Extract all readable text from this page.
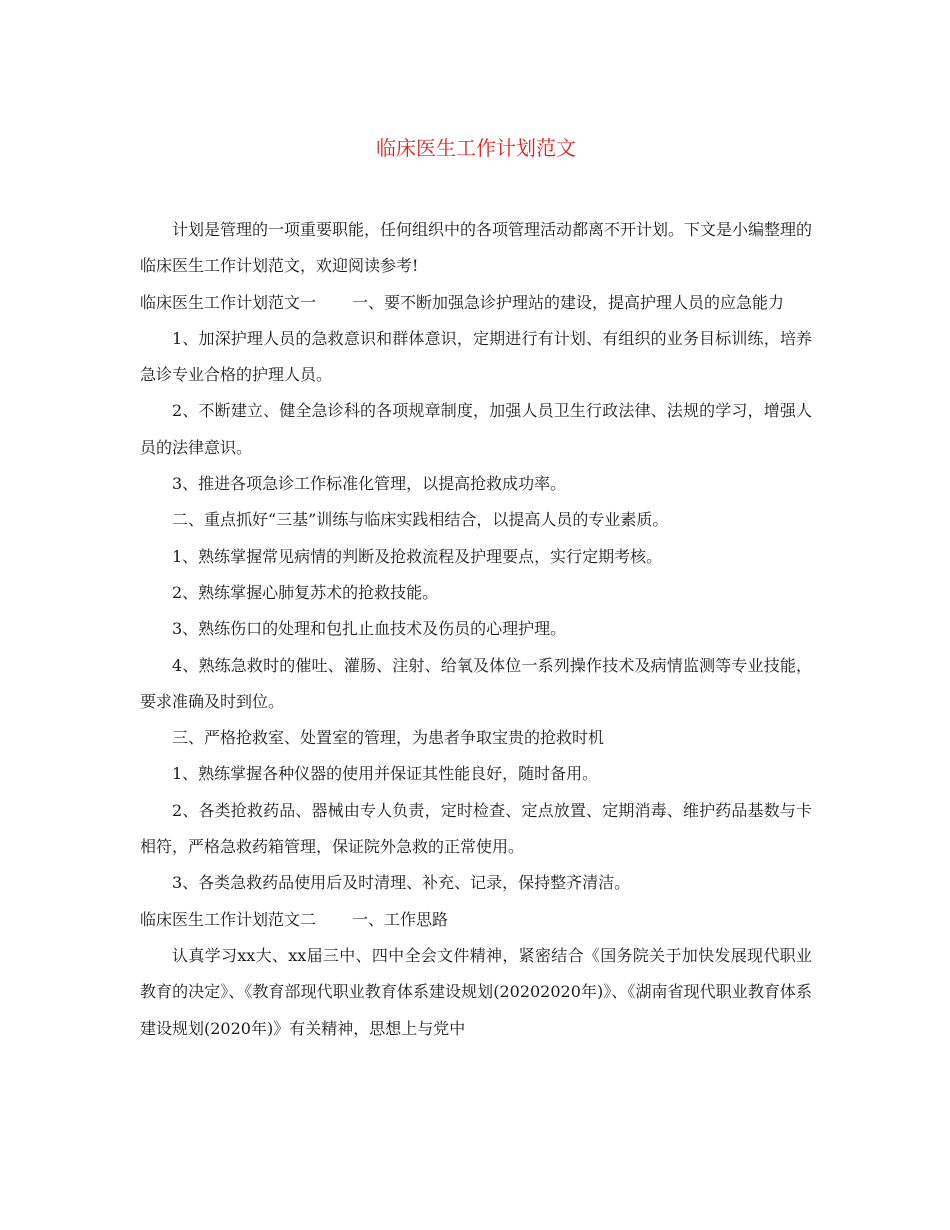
临床医生工作计划范文

计划是管理的一项重要职能，任何组织中的各项管理活动都离不开计划。下文是小编整理的临床医生工作计划范文，欢迎阅读参考!

临床医生工作计划范文一 一、要不断加强急诊护理站的建设，提高护理人员的应急能力

1、加深护理人员的急救意识和群体意识，定期进行有计划、有组织的业务目标训练，培养急诊专业合格的护理人员。

2、不断建立、健全急诊科的各项规章制度，加强人员卫生行政法律、法规的学习，增强人员的法律意识。

3、推进各项急诊工作标准化管理，以提高抢救成功率。

二、重点抓好“三基”训练与临床实践相结合，以提高人员的专业素质。

1、熟练掌握常见病情的判断及抢救流程及护理要点，实行定期考核。

2、熟练掌握心肺复苏术的抢救技能。

3、熟练伤口的处理和包扎止血技术及伤员的心理护理。

4、熟练急救时的催吐、灌肠、注射、给氧及体位一系列操作技术及病情监测等专业技能，要求准确及时到位。

三、严格抢救室、处置室的管理，为患者争取宝贵的抢救时机

1、熟练掌握各种仪器的使用并保证其性能良好，随时备用。

2、各类抢救药品、器械由专人负责，定时检查、定点放置、定期消毒、维护药品基数与卡相符，严格急救药箱管理，保证院外急救的正常使用。

3、各类急救药品使用后及时清理、补充、记录，保持整齐清洁。

临床医生工作计划范文二 一、工作思路

认真学习xx大、xx届三中、四中全会文件精神，紧密结合《国务院关于加快发展现代职业教育的决定》、《教育部现代职业教育体系建设规划(20202020年)》、《湖南省现代职业教育体系建设规划(2020年)》有关精神，思想上与党中
